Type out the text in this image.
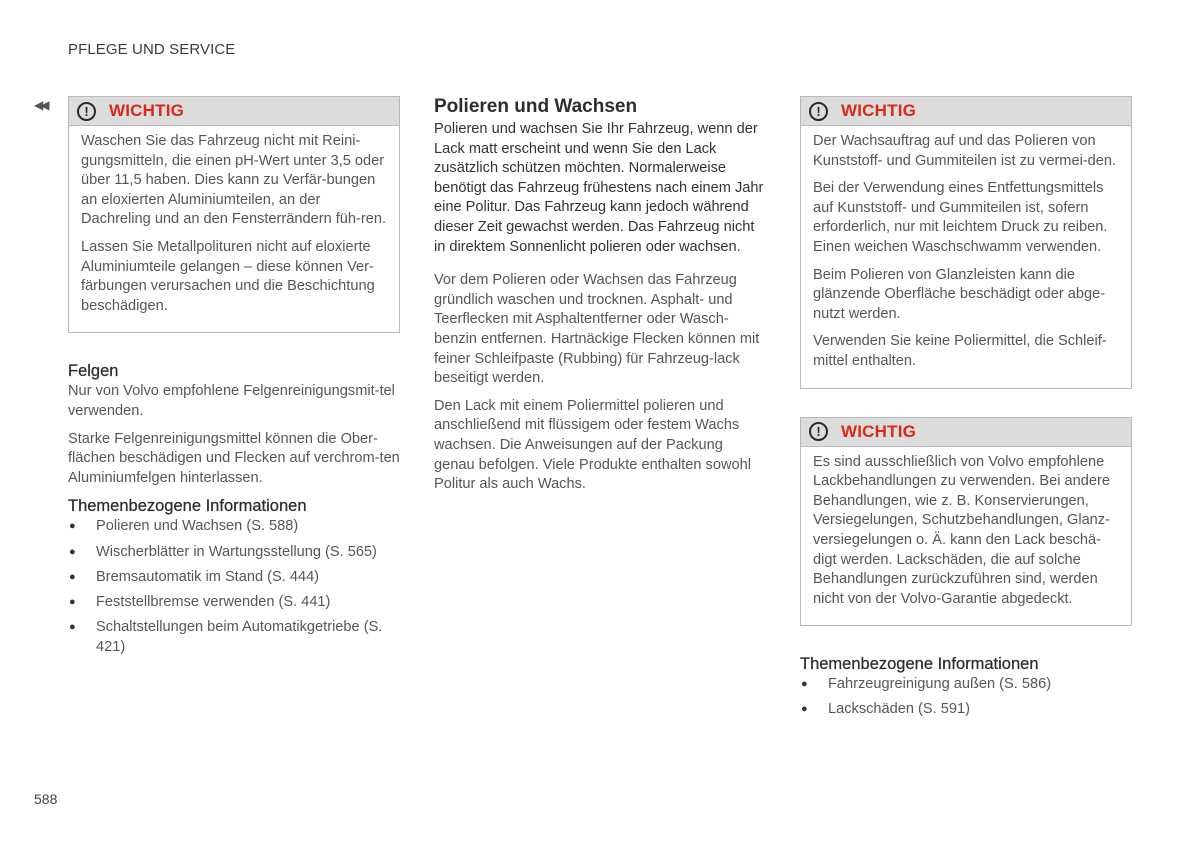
PFLEGE UND SERVICE
◀◀	!	WICHTIG

Waschen Sie das Fahrzeug nicht mit Reini-gungsmitteln, die einen pH-Wert unter 3,5 oder über 11,5 haben. Dies kann zu Verfär-bungen an eloxierten Aluminiumteilen, an der Dachreling und an den Fensterrändern füh-ren.

Lassen Sie Metallpolituren nicht auf eloxierte Aluminiumteile gelangen – diese können Ver-färbungen verursachen und die Beschichtung beschädigen.

Felgen

Nur von Volvo empfohlene Felgenreinigungsmit-tel verwenden.

Starke Felgenreinigungsmittel können die Ober-flächen beschädigen und Flecken auf verchrom-ten Aluminiumfelgen hinterlassen.

Themenbezogene Informationen
●	Polieren und Wachsen (S. 588)
●	Wischerblätter in Wartungsstellung (S. 565)
●	Bremsautomatik im Stand (S. 444)
●	Feststellbremse verwenden (S. 441)
●	Schaltstellungen beim Automatikgetriebe (S. 421)
Polieren und Wachsen

Polieren und wachsen Sie Ihr Fahrzeug, wenn der Lack matt erscheint und wenn Sie den Lack zusätzlich schützen möchten. Normalerweise benötigt das Fahrzeug frühestens nach einem Jahr eine Politur. Das Fahrzeug kann jedoch während dieser Zeit gewachst werden. Das Fahrzeug nicht in direktem Sonnenlicht polieren oder wachsen.

Vor dem Polieren oder Wachsen das Fahrzeug gründlich waschen und trocknen. Asphalt- und Teerflecken mit Asphaltentferner oder Wasch-benzin entfernen. Hartnäckige Flecken können mit feiner Schleifpaste (Rubbing) für Fahrzeug-lack beseitigt werden.

Den Lack mit einem Poliermittel polieren und anschließend mit flüssigem oder festem Wachs wachsen. Die Anweisungen auf der Packung genau befolgen. Viele Produkte enthalten sowohl Politur als auch Wachs.

!	WICHTIG

Der Wachsauftrag auf und das Polieren von Kunststoff- und Gummiteilen ist zu vermei-den.

Bei der Verwendung eines Entfettungsmittels auf Kunststoff- und Gummiteilen ist, sofern erforderlich, nur mit leichtem Druck zu reiben. Einen weichen Waschschwamm verwenden.

Beim Polieren von Glanzleisten kann die glänzende Oberfläche beschädigt oder abge-nutzt werden.

Verwenden Sie keine Poliermittel, die Schleif-mittel enthalten.

!	WICHTIG

Es sind ausschließlich von Volvo empfohlene Lackbehandlungen zu verwenden. Bei andere Behandlungen, wie z. B. Konservierungen, Versiegelungen, Schutzbehandlungen, Glanz-versiegelungen o. Ä. kann den Lack beschä-digt werden. Lackschäden, die auf solche Behandlungen zurückzuführen sind, werden nicht von der Volvo-Garantie abgedeckt.

Themenbezogene Informationen
●	Fahrzeugreinigung außen (S. 586)
●	Lackschäden (S. 591)
588
